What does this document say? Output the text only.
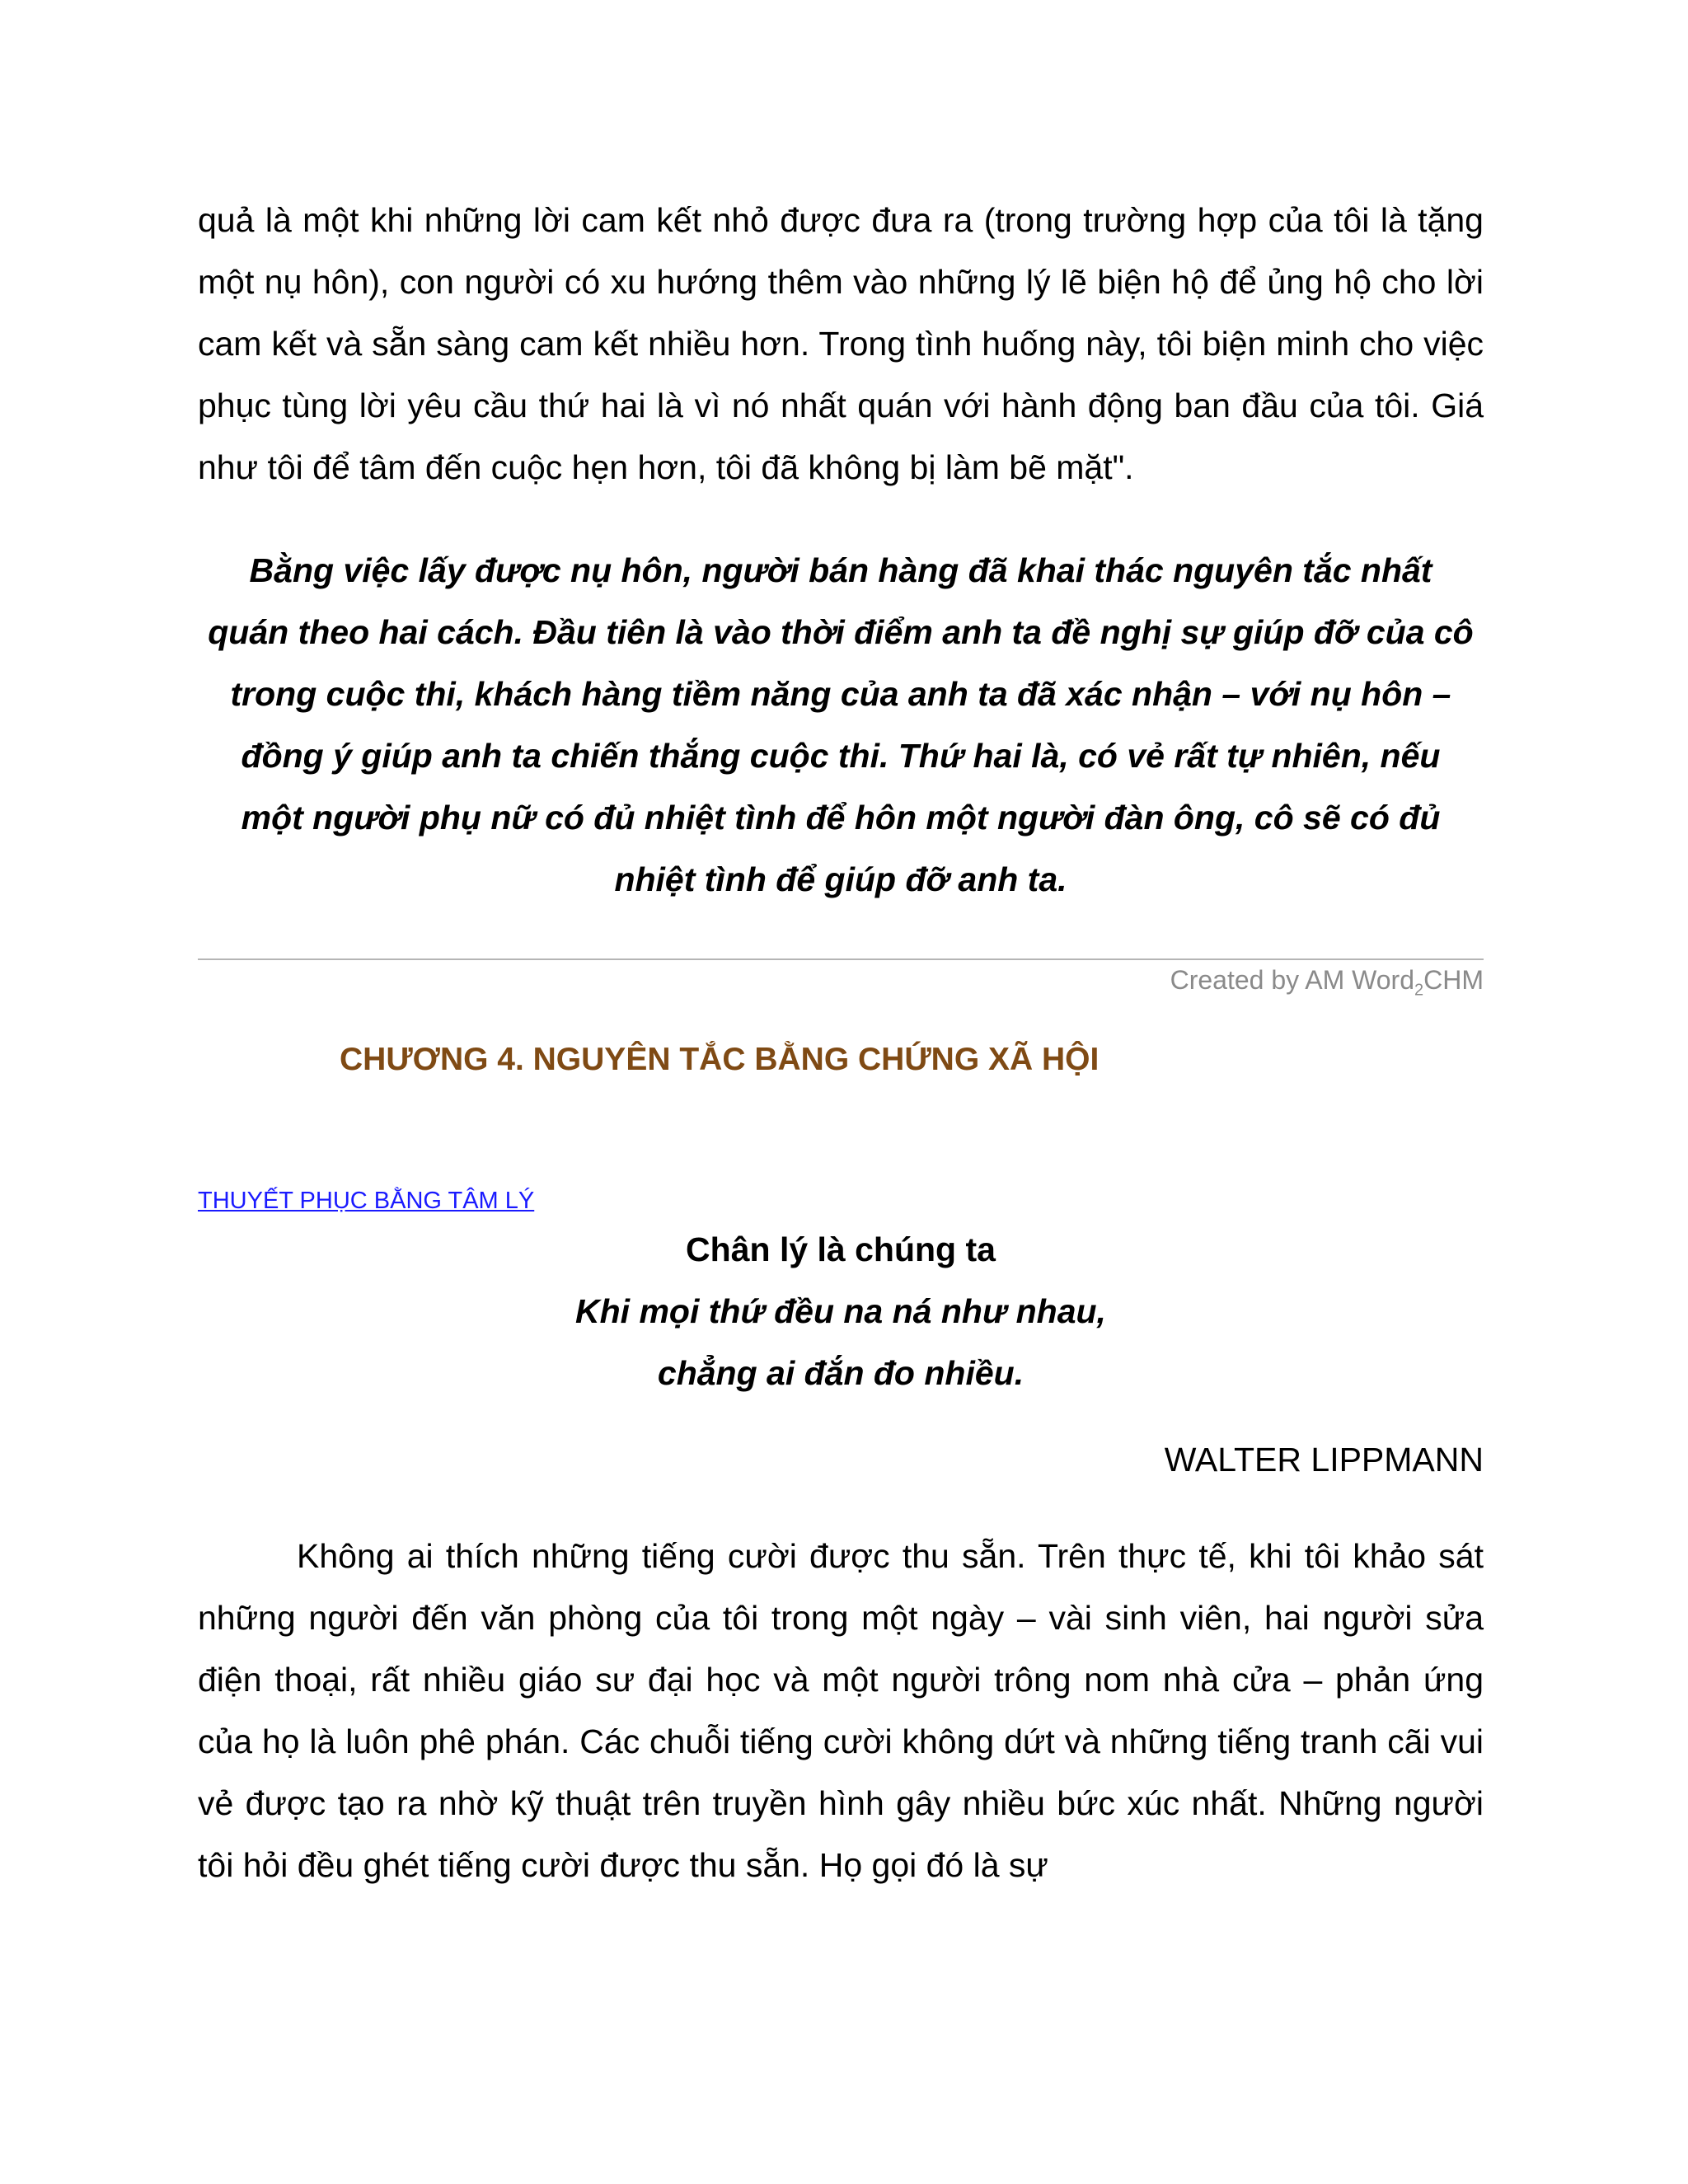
quả là một khi những lời cam kết nhỏ được đưa ra (trong trường hợp của tôi là tặng một nụ hôn), con người có xu hướng thêm vào những lý lẽ biện hộ để ủng hộ cho lời cam kết và sẵn sàng cam kết nhiều hơn. Trong tình huống này, tôi biện minh cho việc phục tùng lời yêu cầu thứ hai là vì nó nhất quán với hành động ban đầu của tôi. Giá như tôi để tâm đến cuộc hẹn hơn, tôi đã không bị làm bẽ mặt".

Bằng việc lấy được nụ hôn, người bán hàng đã khai thác nguyên tắc nhất quán theo hai cách. Đầu tiên là vào thời điểm anh ta đề nghị sự giúp đỡ của cô trong cuộc thi, khách hàng tiềm năng của anh ta đã xác nhận – với nụ hôn – đồng ý giúp anh ta chiến thắng cuộc thi. Thứ hai là, có vẻ rất tự nhiên, nếu một người phụ nữ có đủ nhiệt tình để hôn một người đàn ông, cô sẽ có đủ nhiệt tình để giúp đỡ anh ta.

Created by AM Word$_2$CHM
CHƯƠNG 4. NGUYÊN TẮC BẰNG CHỨNG XÃ HỘI
THUYẾT PHỤC BẰNG TÂM LÝ
Chân lý là chúng ta
Khi mọi thứ đều na ná như nhau,
chẳng ai đắn đo nhiều.
WALTER LIPPMANN

Không ai thích những tiếng cười được thu sẵn. Trên thực tế, khi tôi khảo sát những người đến văn phòng của tôi trong một ngày – vài sinh viên, hai người sửa điện thoại, rất nhiều giáo sư đại học và một người trông nom nhà cửa – phản ứng của họ là luôn phê phán. Các chuỗi tiếng cười không dứt và những tiếng tranh cãi vui vẻ được tạo ra nhờ kỹ thuật trên truyền hình gây nhiều bức xúc nhất. Những người tôi hỏi đều ghét tiếng cười được thu sẵn. Họ gọi đó là sự
